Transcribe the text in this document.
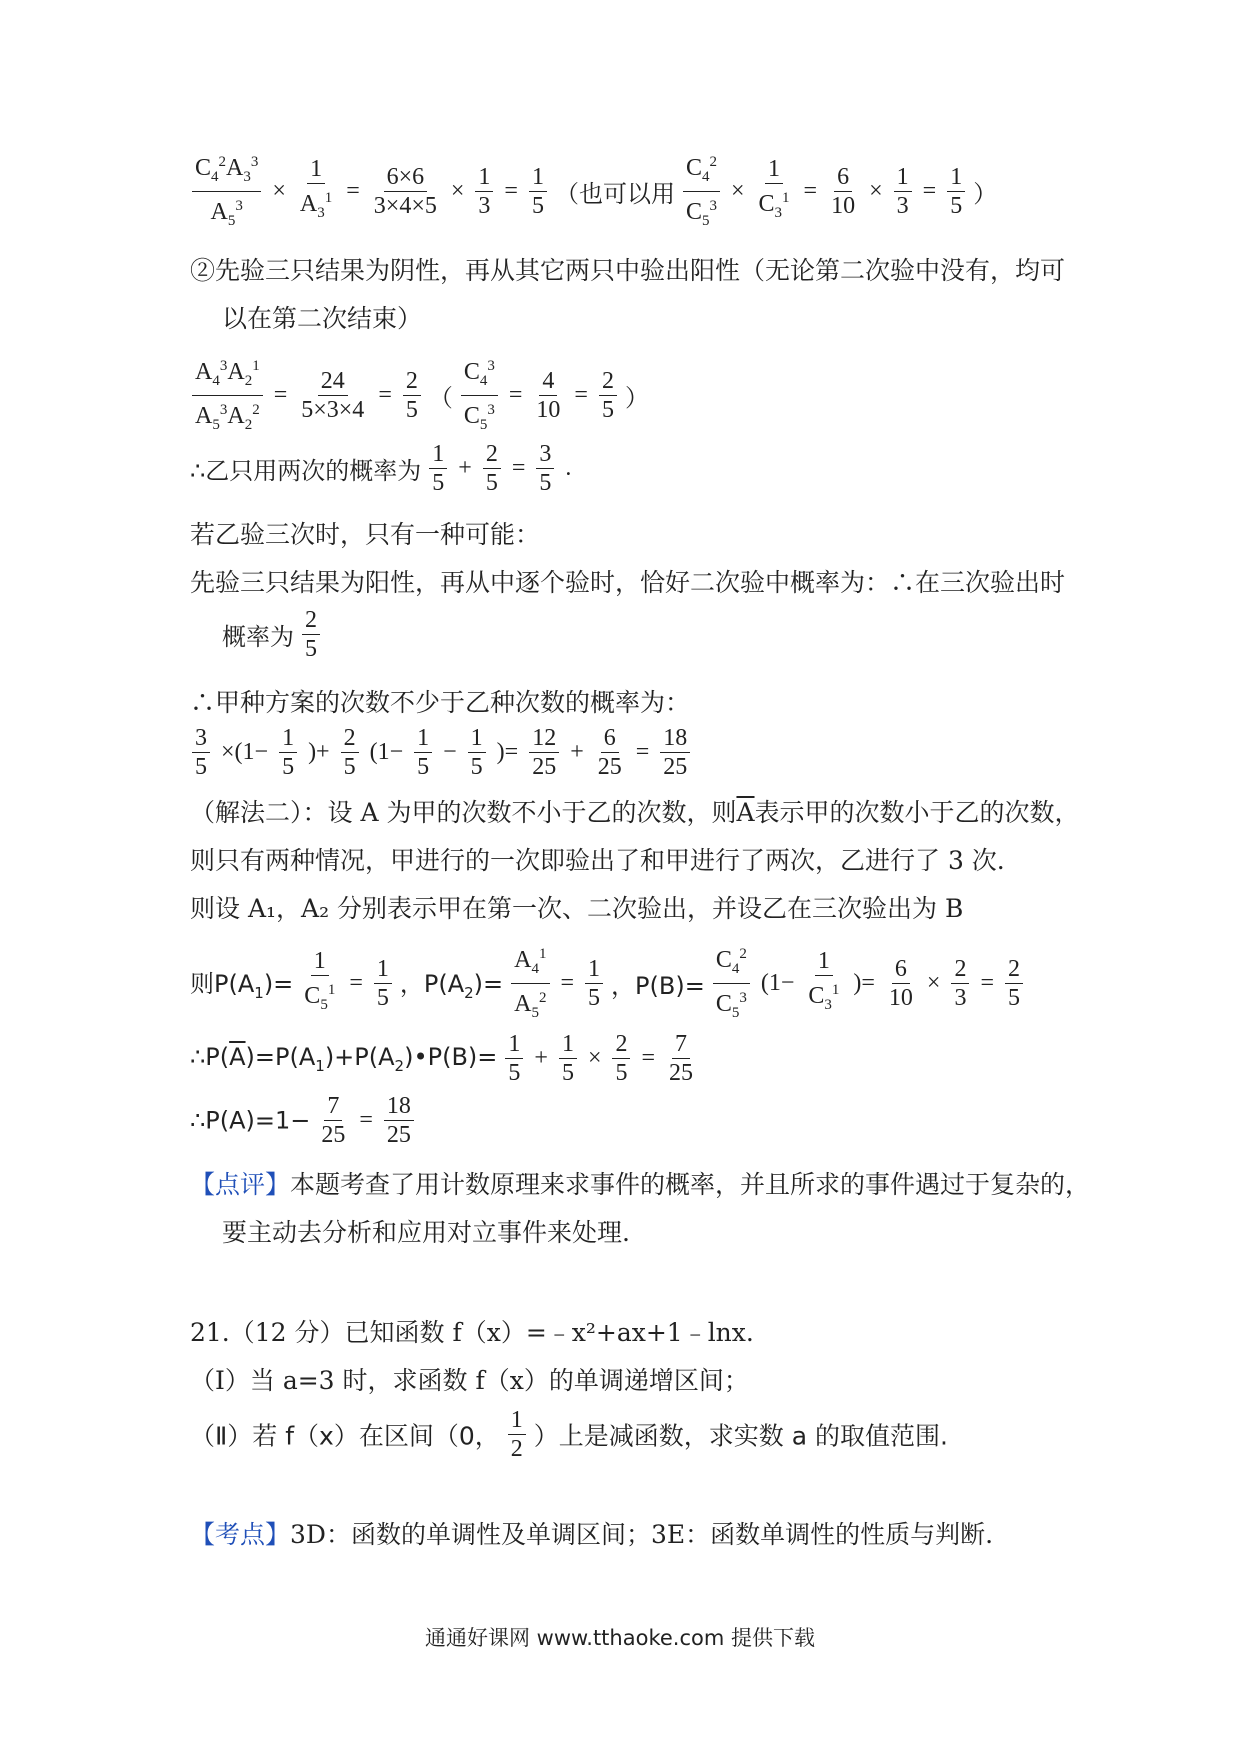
$\frac{C_4^2A_3^3}{A_5^3} \times \frac{1}{A_3^1} = \frac{6\times 6}{3\times 4\times 5} \times \frac{1}{3} = \frac{1}{5}$ （也可以用 $\frac{C_4^2}{C_5^3} \times \frac{1}{C_3^1} = \frac{6}{10} \times \frac{1}{3} = \frac{1}{5}$ ）
②先验三只结果为阴性，再从其它两只中验出阳性（无论第二次验中没有，均可
以在第二次结束）
$\frac{A_4^3A_2^1}{A_5^3A_2^2} = \frac{24}{5\times 3\times 4} = \frac{2}{5}$ （ $\frac{C_4^3}{C_5^3} = \frac{4}{10} = \frac{2}{5}$ ）
∴乙只用两次的概率为 $\frac{1}{5} + \frac{2}{5} = \frac{3}{5}$ .
若乙验三次时，只有一种可能：
先验三只结果为阳性，再从中逐个验时，恰好二次验中概率为：∴在三次验出时
概率为 $\frac{2}{5}$
∴甲种方案的次数不少于乙种次数的概率为：
$\frac{3}{5} \times(1- \frac{1}{5}$ )+ $\frac{2}{5} (1- \frac{1}{5} - \frac{1}{5}$ )= $\frac{12}{25} + \frac{6}{25} = \frac{18}{25}$
（解法二）：设 A 为甲的次数不小于乙的次数，则$\overline{A}$表示甲的次数小于乙的次数，
则只有两种情况，甲进行的一次即验出了和甲进行了两次，乙进行了 3 次.
则设 A₁，A₂ 分别表示甲在第一次、二次验出，并设乙在三次验出为 B
则$P(A_1)= \frac{1}{C_5^1} = \frac{1}{5}$ ，$P(A_2)= \frac{A_4^1}{A_5^2} = \frac{1}{5}$ ，$P(B)= \frac{C_4^2}{C_5^3} (1- \frac{1}{C_3^1}$ )= $\frac{6}{10} \times \frac{2}{3} = \frac{2}{5}$
$\therefore P(\overline{A})=P(A_1)+P(A_2)•P(B)= \frac{1}{5} + \frac{1}{5} \times \frac{2}{5} = \frac{7}{25}$
∴P(A)=1− $\frac{7}{25} = \frac{18}{25}$
【点评】本题考查了用计数原理来求事件的概率，并且所求的事件遇过于复杂的，
要主动去分析和应用对立事件来处理.
21.（12 分）已知函数 f（x）=﹣x²+ax+1﹣lnx.
（Ⅰ）当 a=3 时，求函数 f（x）的单调递增区间；
（Ⅱ）若 f（x）在区间（0， $\frac{1}{2}$ ）上是减函数，求实数 a 的取值范围.
【考点】3D：函数的单调性及单调区间；3E：函数单调性的性质与判断.
通通好课网 www.tthaoke.com 提供下载
